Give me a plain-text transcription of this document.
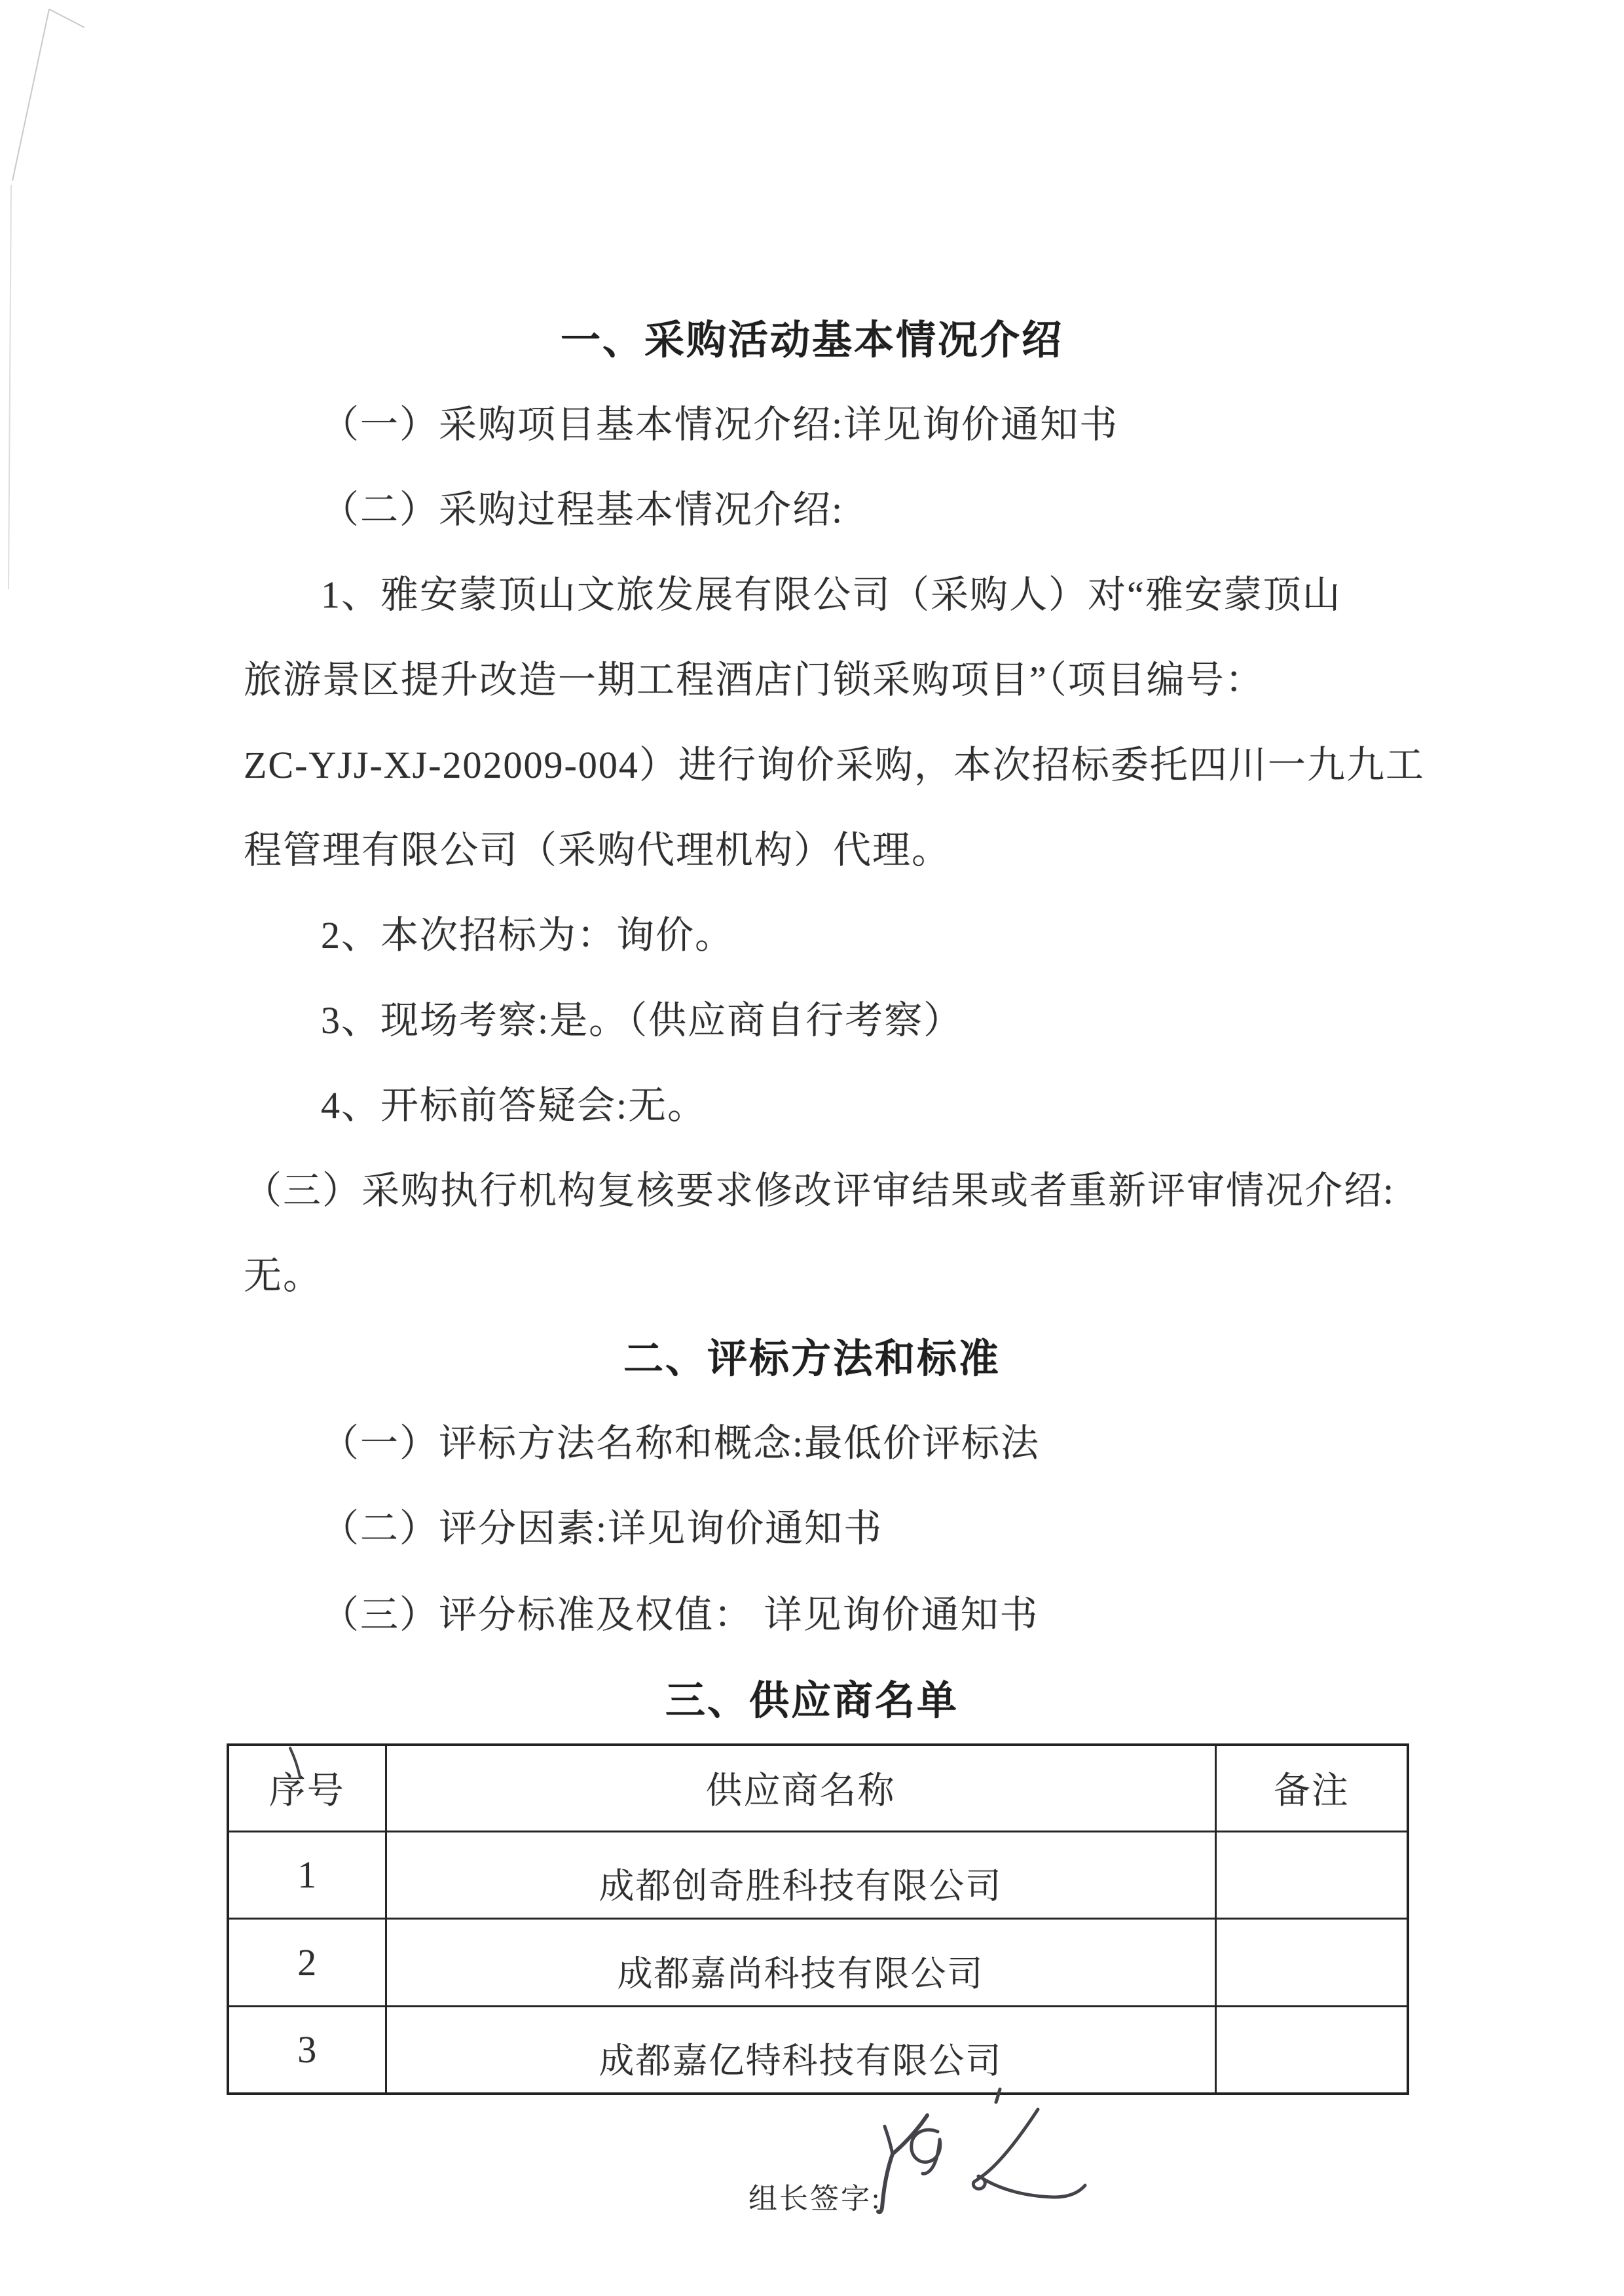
一、采购活动基本情况介绍
（一）采购项目基本情况介绍:详见询价通知书
（二）采购过程基本情况介绍:
1、雅安蒙顶山文旅发展有限公司（采购人）对“雅安蒙顶山
旅游景区提升改造一期工程酒店门锁采购项目”（项目编号：
ZC-YJJ-XJ-202009-004）进行询价采购，本次招标委托四川一九九工
程管理有限公司（采购代理机构）代理。
2、本次招标为：询价。
3、现场考察:是。（供应商自行考察）
4、开标前答疑会:无。
（三）采购执行机构复核要求修改评审结果或者重新评审情况介绍:
无。
二、评标方法和标准
（一）评标方法名称和概念:最低价评标法
（二）评分因素:详见询价通知书
（三）评分标准及权值： 详见询价通知书
三、供应商名单
序号	供应商名称	备注
1	成都创奇胜科技有限公司	
2	成都嘉尚科技有限公司	
3	成都嘉亿特科技有限公司	
组长签字:
